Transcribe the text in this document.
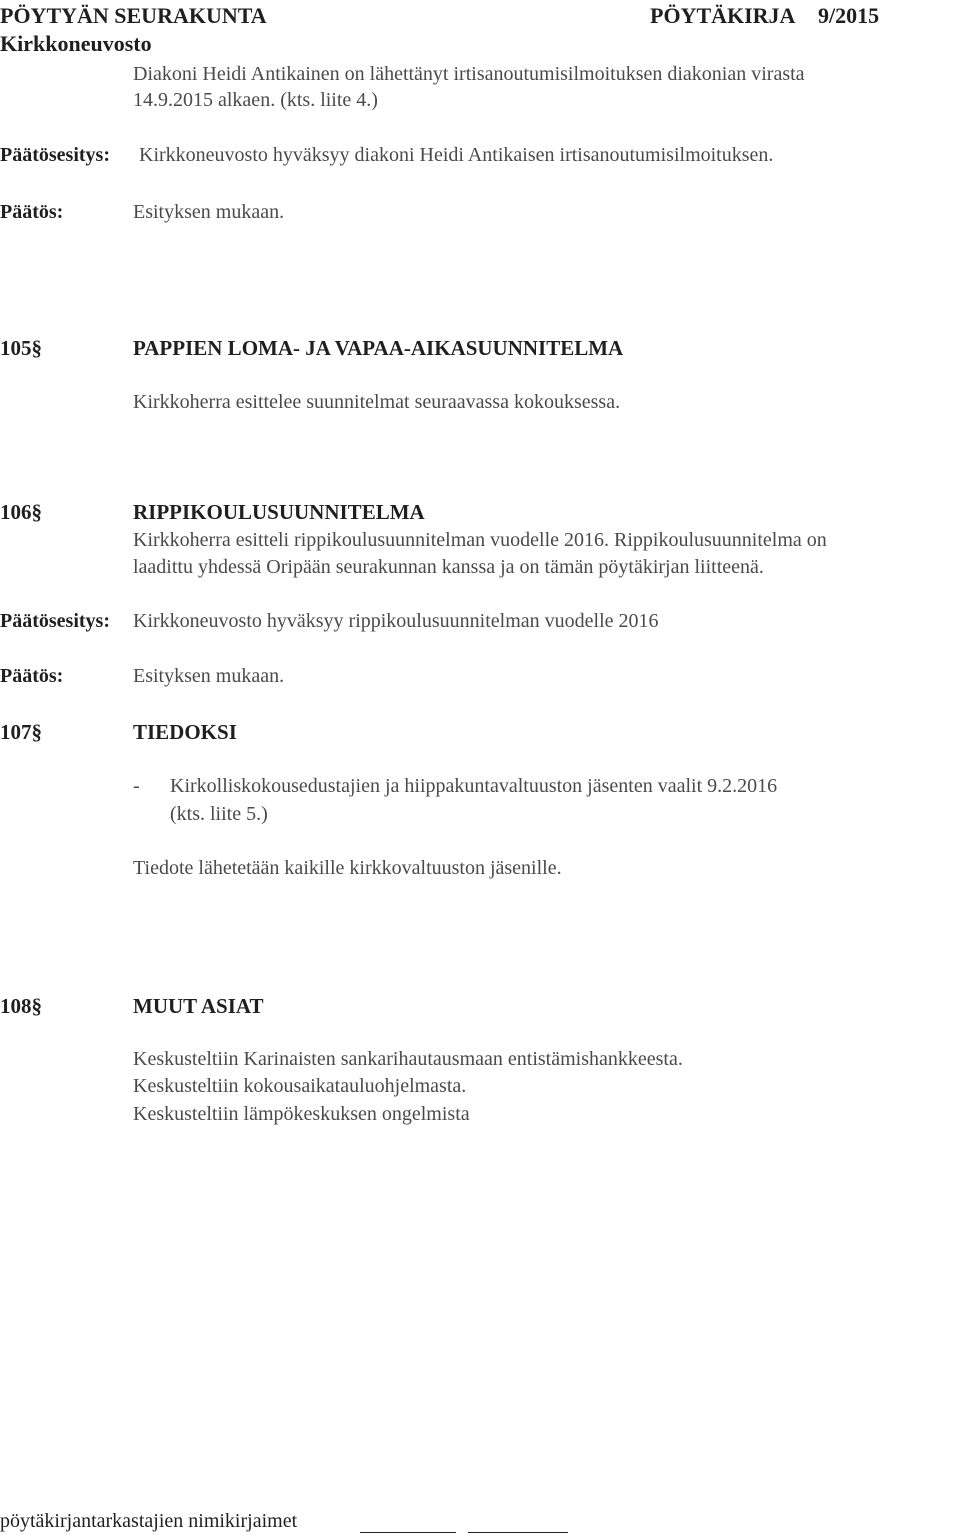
PÖYTYÄN SEURAKUNTA	PÖYTÄKIRJA 9/2015
Kirkkoneuvosto
Diakoni Heidi Antikainen on lähettänyt irtisanoutumisilmoituksen diakonian virasta
14.9.2015 alkaen. (kts. liite 4.)
Päätösesitys: Kirkkoneuvosto hyväksyy diakoni Heidi Antikaisen irtisanoutumisilmoituksen.
Päätös:	Esityksen mukaan.
105§	PAPPIEN LOMA- JA VAPAA-AIKASUUNNITELMA
Kirkkoherra esittelee suunnitelmat seuraavassa kokouksessa.
106§	RIPPIKOULUSUUNNITELMA
Kirkkoherra esitteli rippikoulusuunnitelman vuodelle 2016. Rippikoulusuunnitelma on
laadittu yhdessä Oripään seurakunnan kanssa ja on tämän pöytäkirjan liitteenä.
Päätösesitys: Kirkkoneuvosto hyväksyy rippikoulusuunnitelman vuodelle 2016
Päätös:	Esityksen mukaan.
107§	TIEDOKSI
- Kirkolliskokousedustajien ja hiippakuntavaltuuston jäsenten vaalit 9.2.2016
(kts. liite 5.)
Tiedote lähetetään kaikille kirkkovaltuuston jäsenille.
108§	MUUT ASIAT
Keskusteltiin Karinaisten sankarihautausmaan entistämishankkeesta.
Keskusteltiin kokousaikatauluohjelmasta.
Keskusteltiin lämpökeskuksen ongelmista
pöytäkirjantarkastajien nimikirjaimet
